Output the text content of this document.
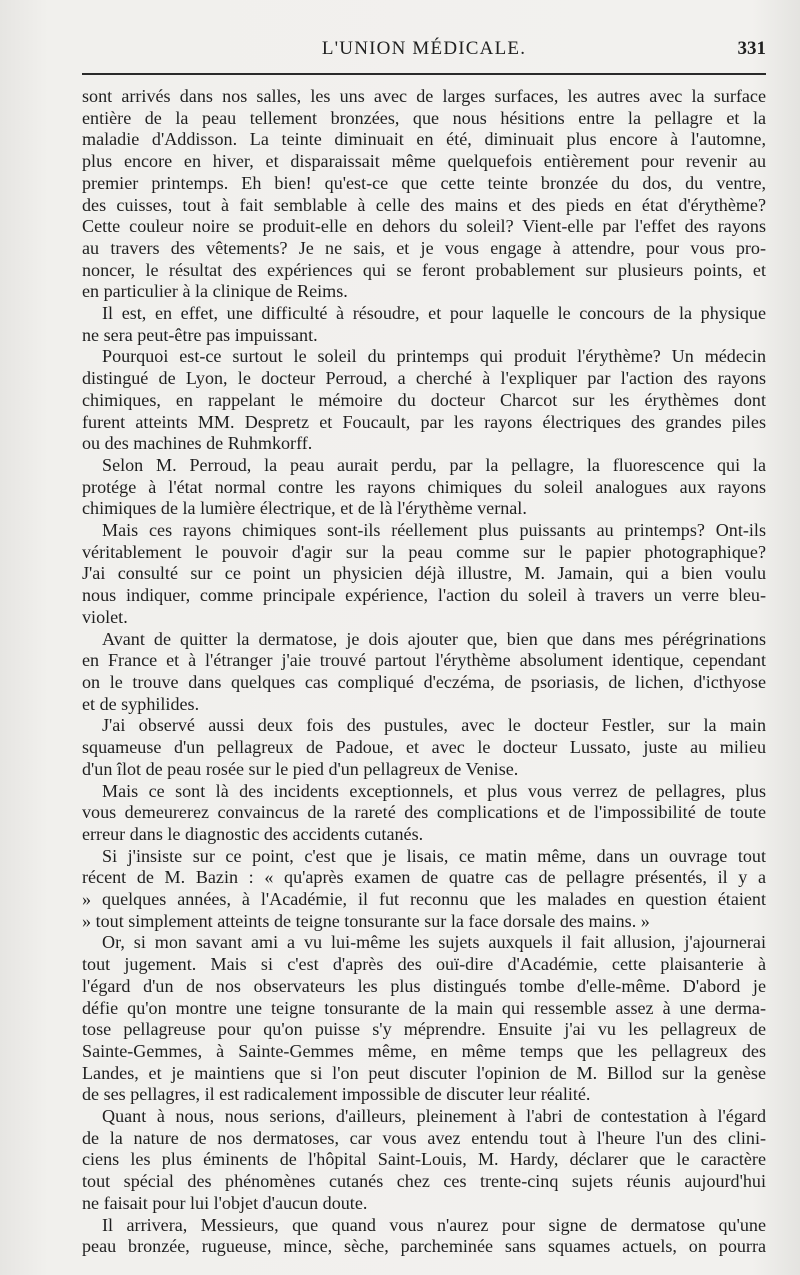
L'UNION MÉDICALE.	331
sont arrivés dans nos salles, les uns avec de larges surfaces, les autres avec la surface
entière de la peau tellement bronzées, que nous hésitions entre la pellagre et la
maladie d'Addisson. La teinte diminuait en été, diminuait plus encore à l'automne,
plus encore en hiver, et disparaissait même quelquefois entièrement pour revenir au
premier printemps. Eh bien! qu'est-ce que cette teinte bronzée du dos, du ventre,
des cuisses, tout à fait semblable à celle des mains et des pieds en état d'érythème?
Cette couleur noire se produit-elle en dehors du soleil? Vient-elle par l'effet des rayons
au travers des vêtements? Je ne sais, et je vous engage à attendre, pour vous pro-
noncer, le résultat des expériences qui se feront probablement sur plusieurs points, et
en particulier à la clinique de Reims.
Il est, en effet, une difficulté à résoudre, et pour laquelle le concours de la physique
ne sera peut-être pas impuissant.
Pourquoi est-ce surtout le soleil du printemps qui produit l'érythème? Un médecin
distingué de Lyon, le docteur Perroud, a cherché à l'expliquer par l'action des rayons
chimiques, en rappelant le mémoire du docteur Charcot sur les érythèmes dont
furent atteints MM. Despretz et Foucault, par les rayons électriques des grandes piles
ou des machines de Ruhmkorff.
Selon M. Perroud, la peau aurait perdu, par la pellagre, la fluorescence qui la
protége à l'état normal contre les rayons chimiques du soleil analogues aux rayons
chimiques de la lumière électrique, et de là l'érythème vernal.
Mais ces rayons chimiques sont-ils réellement plus puissants au printemps? Ont-ils
véritablement le pouvoir d'agir sur la peau comme sur le papier photographique?
J'ai consulté sur ce point un physicien déjà illustre, M. Jamain, qui a bien voulu
nous indiquer, comme principale expérience, l'action du soleil à travers un verre bleu-
violet.
Avant de quitter la dermatose, je dois ajouter que, bien que dans mes pérégrinations
en France et à l'étranger j'aie trouvé partout l'érythème absolument identique, cependant
on le trouve dans quelques cas compliqué d'eczéma, de psoriasis, de lichen, d'icthyose
et de syphilides.
J'ai observé aussi deux fois des pustules, avec le docteur Festler, sur la main
squameuse d'un pellagreux de Padoue, et avec le docteur Lussato, juste au milieu
d'un îlot de peau rosée sur le pied d'un pellagreux de Venise.
Mais ce sont là des incidents exceptionnels, et plus vous verrez de pellagres, plus
vous demeurerez convaincus de la rareté des complications et de l'impossibilité de toute
erreur dans le diagnostic des accidents cutanés.
Si j'insiste sur ce point, c'est que je lisais, ce matin même, dans un ouvrage tout
récent de M. Bazin : « qu'après examen de quatre cas de pellagre présentés, il y a
» quelques années, à l'Académie, il fut reconnu que les malades en question étaient
» tout simplement atteints de teigne tonsurante sur la face dorsale des mains. »
Or, si mon savant ami a vu lui-même les sujets auxquels il fait allusion, j'ajournerai
tout jugement. Mais si c'est d'après des ouï-dire d'Académie, cette plaisanterie à
l'égard d'un de nos observateurs les plus distingués tombe d'elle-même. D'abord je
défie qu'on montre une teigne tonsurante de la main qui ressemble assez à une derma-
tose pellagreuse pour qu'on puisse s'y méprendre. Ensuite j'ai vu les pellagreux de
Sainte-Gemmes, à Sainte-Gemmes même, en même temps que les pellagreux des
Landes, et je maintiens que si l'on peut discuter l'opinion de M. Billod sur la genèse
de ses pellagres, il est radicalement impossible de discuter leur réalité.
Quant à nous, nous serions, d'ailleurs, pleinement à l'abri de contestation à l'égard
de la nature de nos dermatoses, car vous avez entendu tout à l'heure l'un des clini-
ciens les plus éminents de l'hôpital Saint-Louis, M. Hardy, déclarer que le caractère
tout spécial des phénomènes cutanés chez ces trente-cinq sujets réunis aujourd'hui
ne faisait pour lui l'objet d'aucun doute.
Il arrivera, Messieurs, que quand vous n'aurez pour signe de dermatose qu'une
peau bronzée, rugueuse, mince, sèche, parcheminée sans squames actuels, on pourra
